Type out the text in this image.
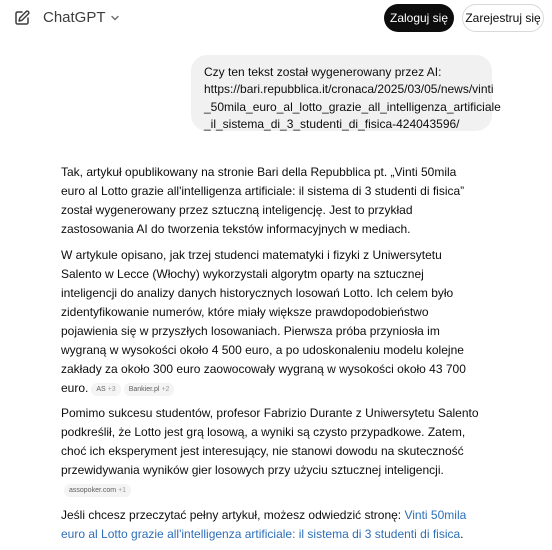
ChatGPT	Zaloguj się	Zarejestruj się
Czy ten tekst został wygenerowany przez AI:
https://bari.repubblica.it/cronaca/2025/03/05/news/vinti
_50mila_euro_al_lotto_grazie_all_intelligenza_artificiale
_il_sistema_di_3_studenti_di_fisica-424043596/

Tak, artykuł opublikowany na stronie Bari della Repubblica pt. „Vinti 50mila euro al Lotto grazie all'intelligenza artificiale: il sistema di 3 studenti di fisica” został wygenerowany przez sztuczną inteligencję. Jest to przykład zastosowania AI do tworzenia tekstów informacyjnych w mediach.

W artykule opisano, jak trzej studenci matematyki i fizyki z Uniwersytetu Salento w Lecce (Włochy) wykorzystali algorytm oparty na sztucznej inteligencji do analizy danych historycznych losowań Lotto. Ich celem było zidentyfikowanie numerów, które miały większe prawdopodobieństwo pojawienia się w przyszłych losowaniach. Pierwsza próba przyniosła im wygraną w wysokości około 4 500 euro, a po udoskonaleniu modelu kolejne zakłady za około 300 euro zaowocowały wygraną w wysokości około 43 700 euro. AS +3 Bankier.pl +2

Pomimo sukcesu studentów, profesor Fabrizio Durante z Uniwersytetu Salento podkreślił, że Lotto jest grą losową, a wyniki są czysto przypadkowe. Zatem, choć ich eksperyment jest interesujący, nie stanowi dowodu na skuteczność przewidywania wyników gier losowych przy użyciu sztucznej inteligencji.
assopoker.com +1

Jeśli chcesz przeczytać pełny artykuł, możesz odwiedzić stronę: Vinti 50mila euro al Lotto grazie all'intelligenza artificiale: il sistema di 3 studenti di fisica.
